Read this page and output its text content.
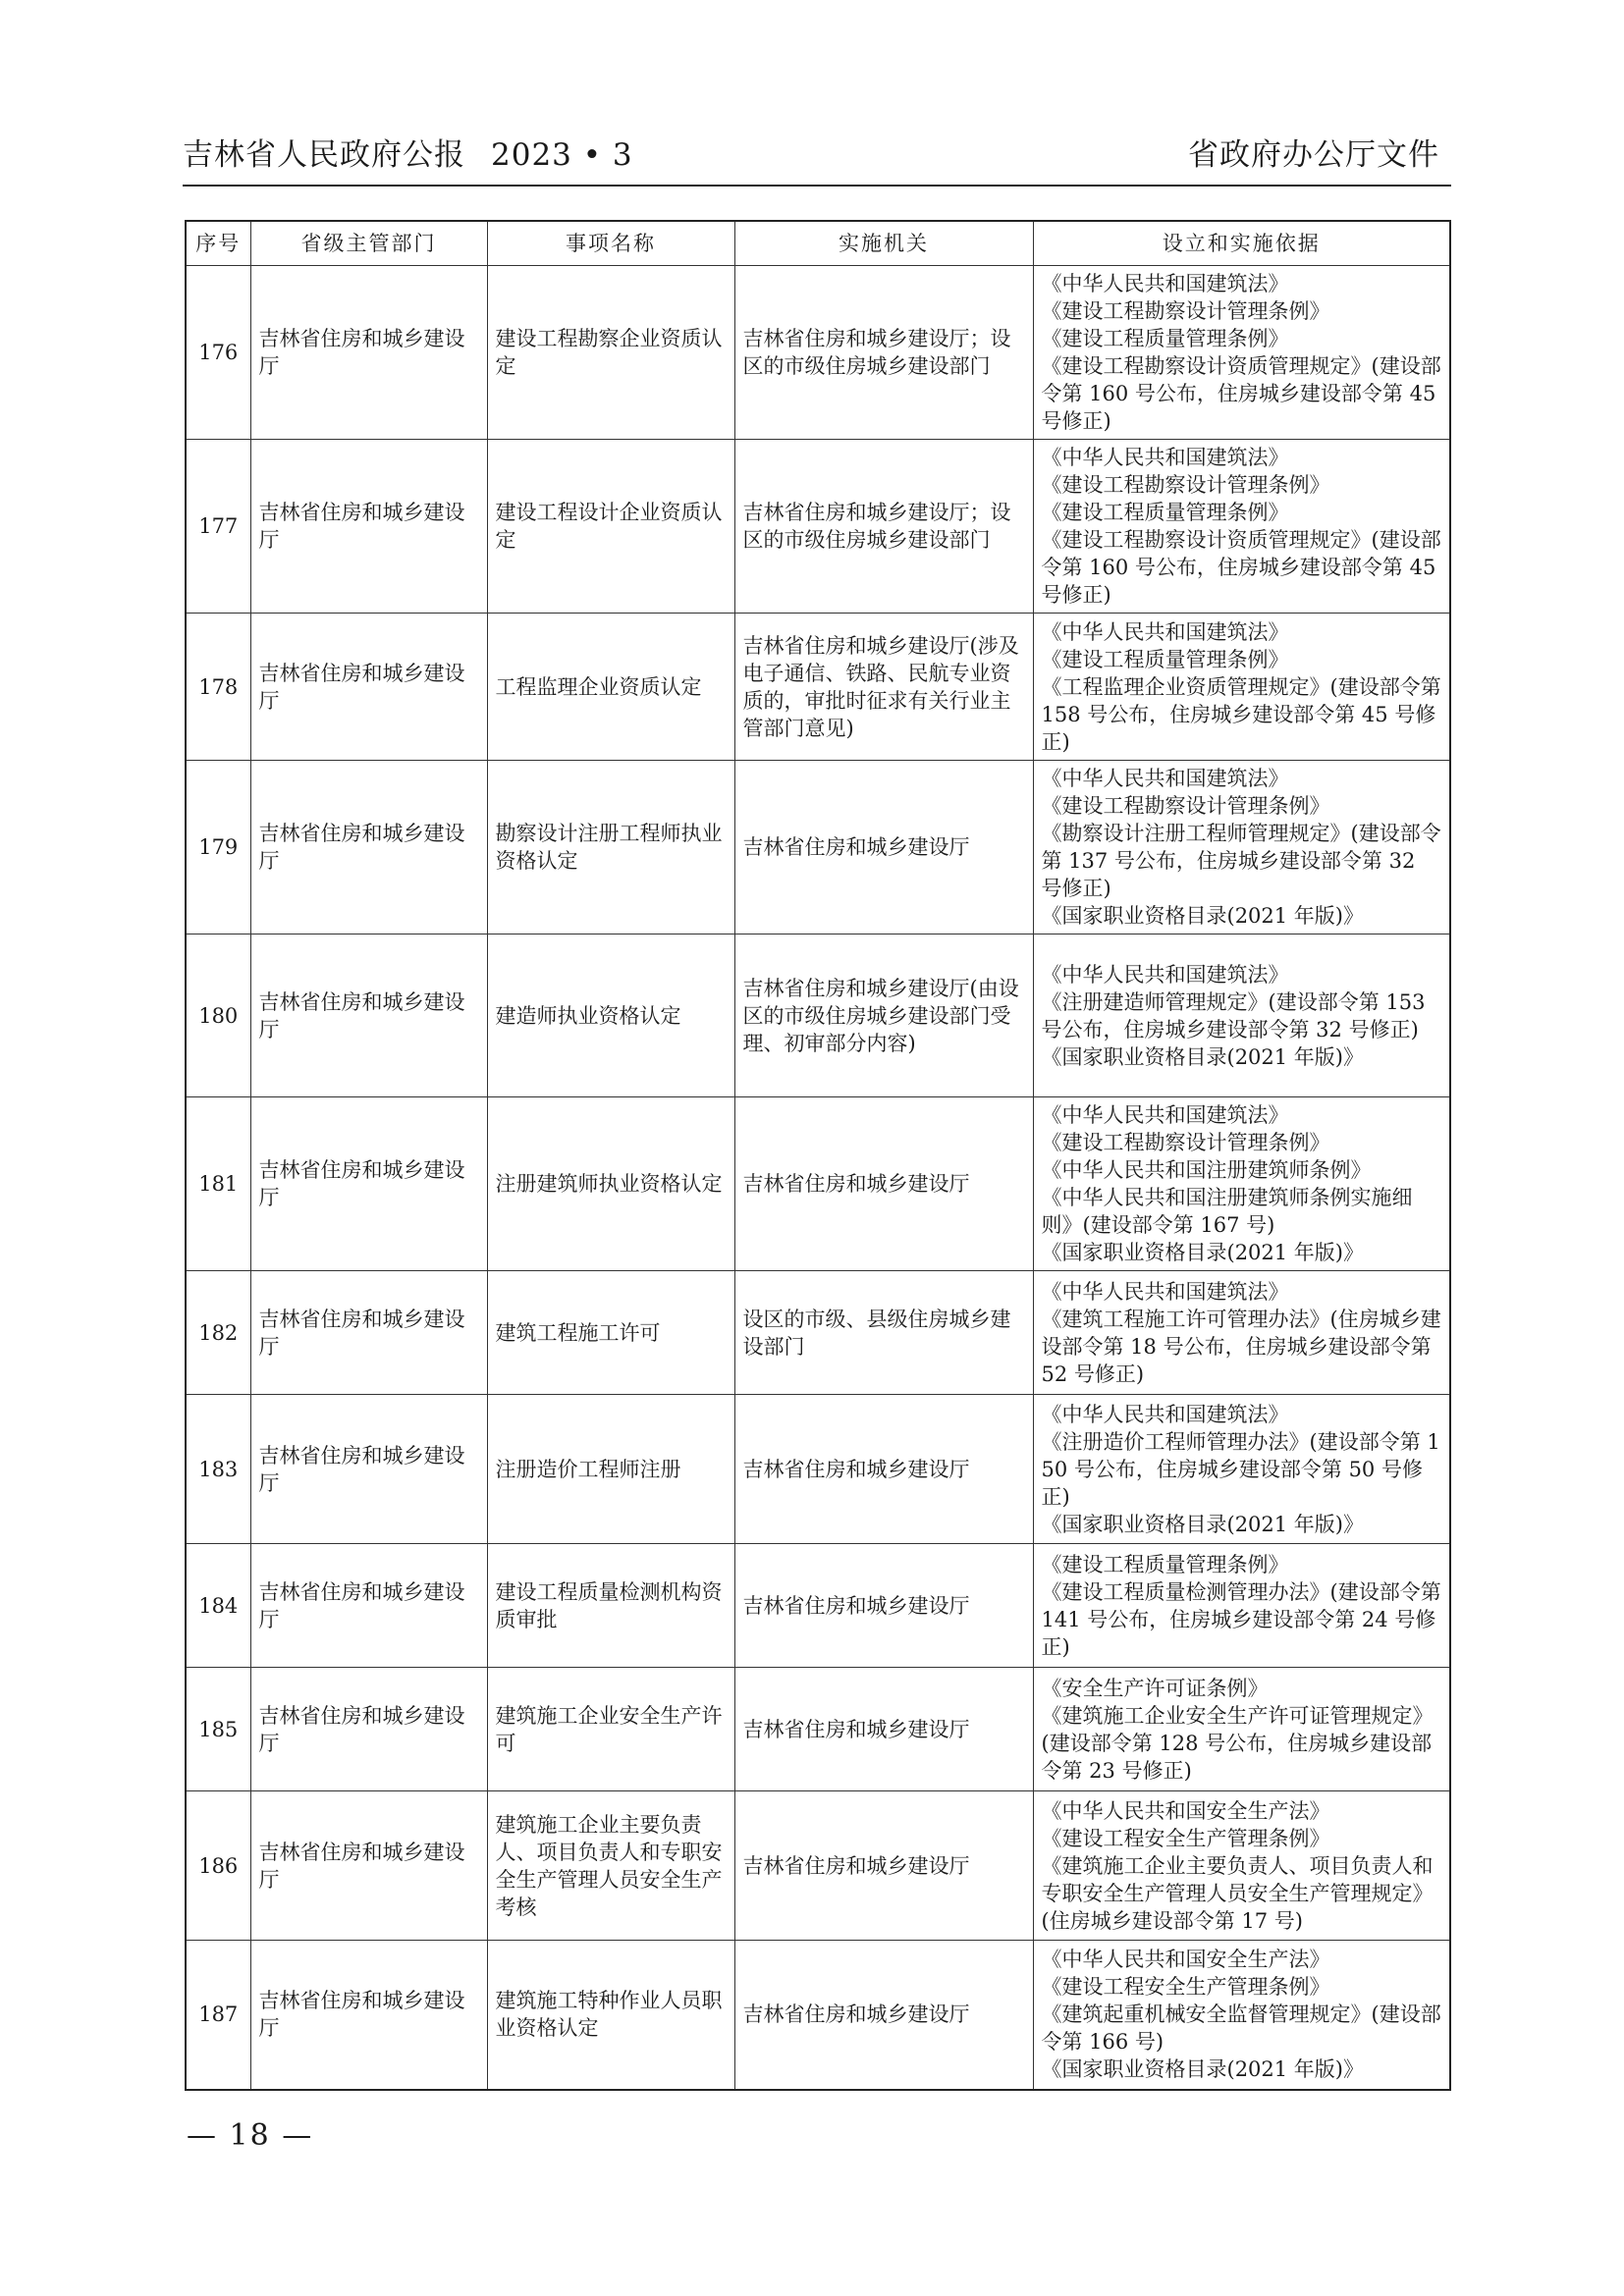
吉林省人民政府公报 2023 • 3	省政府办公厅文件
序号	省级主管部门	事项名称	实施机关	设立和实施依据
176	吉林省住房和城乡建设厅	建设工程勘察企业资质认定	吉林省住房和城乡建设厅；设区的市级住房城乡建设部门	《中华人民共和国建筑法》
《建设工程勘察设计管理条例》
《建设工程质量管理条例》
《建设工程勘察设计资质管理规定》(建设部令第 160 号公布，住房城乡建设部令第 45 号修正)

177	吉林省住房和城乡建设厅	建设工程设计企业资质认定	吉林省住房和城乡建设厅；设区的市级住房城乡建设部门	《中华人民共和国建筑法》
《建设工程勘察设计管理条例》
《建设工程质量管理条例》
《建设工程勘察设计资质管理规定》(建设部令第 160 号公布，住房城乡建设部令第 45 号修正)

178	吉林省住房和城乡建设厅	工程监理企业资质认定	吉林省住房和城乡建设厅(涉及电子通信、铁路、民航专业资质的，审批时征求有关行业主管部门意见)	《中华人民共和国建筑法》
《建设工程质量管理条例》
《工程监理企业资质管理规定》(建设部令第 158 号公布，住房城乡建设部令第 45 号修正)

179	吉林省住房和城乡建设厅	勘察设计注册工程师执业资格认定	吉林省住房和城乡建设厅	《中华人民共和国建筑法》
《建设工程勘察设计管理条例》
《勘察设计注册工程师管理规定》(建设部令第 137 号公布，住房城乡建设部令第 32 号修正)
《国家职业资格目录(2021 年版)》

180	吉林省住房和城乡建设厅	建造师执业资格认定	吉林省住房和城乡建设厅(由设区的市级住房城乡建设部门受理、初审部分内容)	《中华人民共和国建筑法》
《注册建造师管理规定》(建设部令第 153 号公布，住房城乡建设部令第 32 号修正)
《国家职业资格目录(2021 年版)》

181	吉林省住房和城乡建设厅	注册建筑师执业资格认定	吉林省住房和城乡建设厅	《中华人民共和国建筑法》
《建设工程勘察设计管理条例》
《中华人民共和国注册建筑师条例》
《中华人民共和国注册建筑师条例实施细则》(建设部令第 167 号)
《国家职业资格目录(2021 年版)》

182	吉林省住房和城乡建设厅	建筑工程施工许可	设区的市级、县级住房城乡建设部门	《中华人民共和国建筑法》
《建筑工程施工许可管理办法》(住房城乡建设部令第 18 号公布，住房城乡建设部令第 52 号修正)

183	吉林省住房和城乡建设厅	注册造价工程师注册	吉林省住房和城乡建设厅	《中华人民共和国建筑法》
《注册造价工程师管理办法》(建设部令第 150 号公布，住房城乡建设部令第 50 号修正)
《国家职业资格目录(2021 年版)》

184	吉林省住房和城乡建设厅	建设工程质量检测机构资质审批	吉林省住房和城乡建设厅	《建设工程质量管理条例》
《建设工程质量检测管理办法》(建设部令第 141 号公布，住房城乡建设部令第 24 号修正)

185	吉林省住房和城乡建设厅	建筑施工企业安全生产许可	吉林省住房和城乡建设厅	《安全生产许可证条例》
《建筑施工企业安全生产许可证管理规定》(建设部令第 128 号公布，住房城乡建设部令第 23 号修正)

186	吉林省住房和城乡建设厅	建筑施工企业主要负责人、项目负责人和专职安全生产管理人员安全生产考核	吉林省住房和城乡建设厅	《中华人民共和国安全生产法》
《建设工程安全生产管理条例》
《建筑施工企业主要负责人、项目负责人和专职安全生产管理人员安全生产管理规定》(住房城乡建设部令第 17 号)

187	吉林省住房和城乡建设厅	建筑施工特种作业人员职业资格认定	吉林省住房和城乡建设厅	《中华人民共和国安全生产法》
《建设工程安全生产管理条例》
《建筑起重机械安全监督管理规定》(建设部令第 166 号)
《国家职业资格目录(2021 年版)》
— 18 —
